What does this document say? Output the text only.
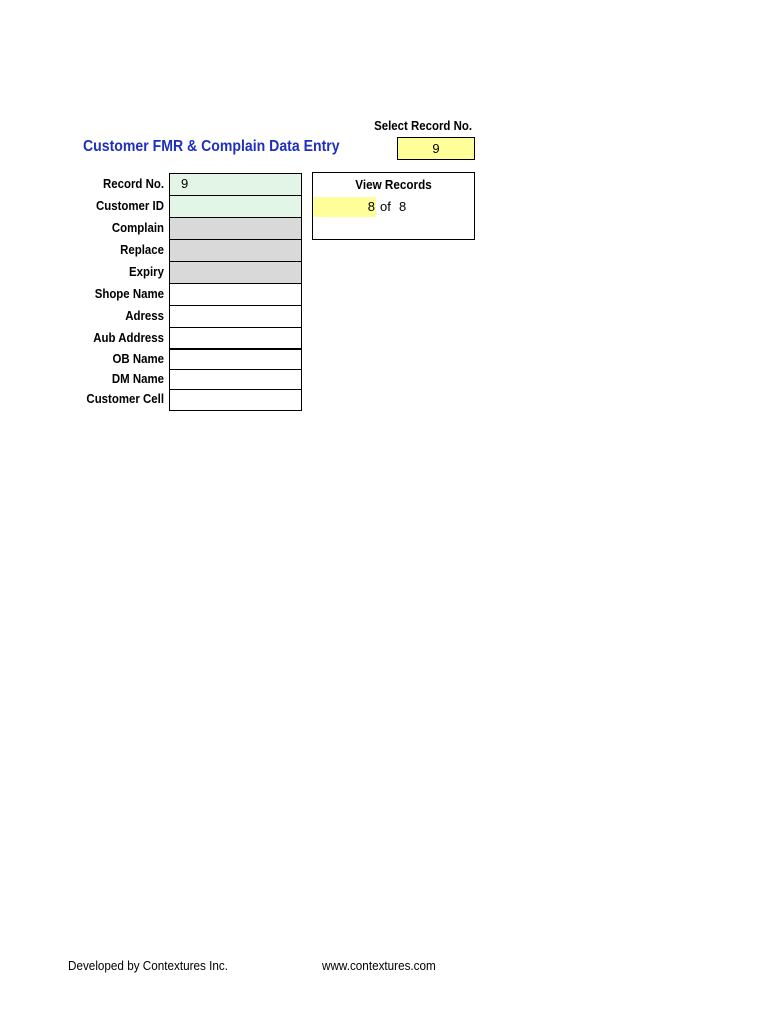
Select Record No.
9
Customer FMR & Complain Data Entry
Record No.
Customer ID
Complain
Replace
Expiry
Shope Name
Adress
Aub Address
OB Name
DM Name
Customer Cell
9	View Records
8 of 8
Developed by Contextures Inc.	www.contextures.com
